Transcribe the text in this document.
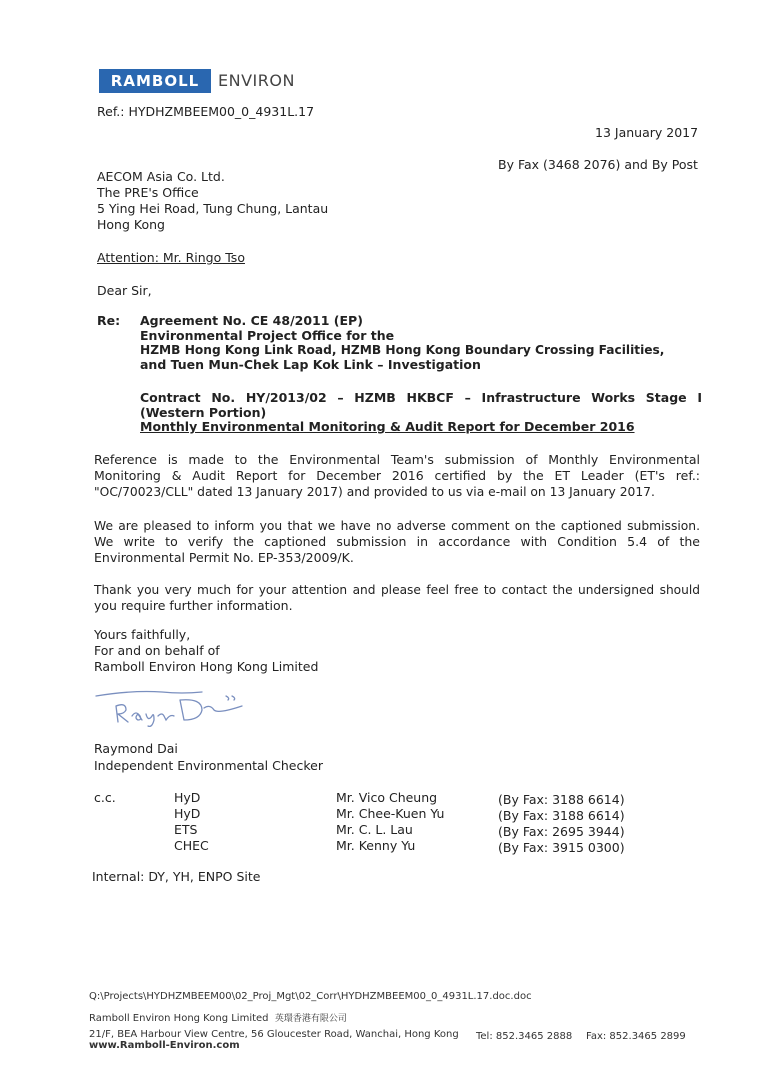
RAMBOLL	ENVIRON
Ref.: HYDHZMBEEM00_0_4931L.17
13 January 2017
By Fax (3468 2076) and By Post
AECOM Asia Co. Ltd.
The PRE's Office
5 Ying Hei Road, Tung Chung, Lantau
Hong Kong
Attention: Mr. Ringo Tso
Dear Sir,
Re: Agreement No. CE 48/2011 (EP)
Environmental Project Office for the
HZMB Hong Kong Link Road, HZMB Hong Kong Boundary Crossing Facilities,
and Tuen Mun-Chek Lap Kok Link – Investigation
Contract No. HY/2013/02 – HZMB HKBCF – Infrastructure Works Stage I
(Western Portion)
Monthly Environmental Monitoring & Audit Report for December 2016
Reference is made to the Environmental Team's submission of Monthly Environmental
Monitoring & Audit Report for December 2016 certified by the ET Leader (ET's ref.:
"OC/70023/CLL" dated 13 January 2017) and provided to us via e-mail on 13 January 2017.
We are pleased to inform you that we have no adverse comment on the captioned submission.
We write to verify the captioned submission in accordance with Condition 5.4 of the
Environmental Permit No. EP-353/2009/K.
Thank you very much for your attention and please feel free to contact the undersigned should
you require further information.
Yours faithfully,
For and on behalf of
Ramboll Environ Hong Kong Limited
Raymond Dai
Independent Environmental Checker
c.c.	HyD
HyD
ETS
CHEC
Mr. Vico Cheung
Mr. Chee-Kuen Yu
Mr. C. L. Lau
Mr. Kenny Yu
(By Fax: 3188 6614)
(By Fax: 3188 6614)
(By Fax: 2695 3944)
(By Fax: 3915 0300)
Internal: DY, YH, ENPO Site
Q:\Projects\HYDHZMBEEM00\02_Proj_Mgt\02_Corr\HYDHZMBEEM00_0_4931L.17.doc.doc
Ramboll Environ Hong Kong Limited 英環香港有限公司
21/F, BEA Harbour View Centre, 56 Gloucester Road, Wanchai, Hong Kong Tel: 852.3465 2888 Fax: 852.3465 2899
www.Ramboll-Environ.com
